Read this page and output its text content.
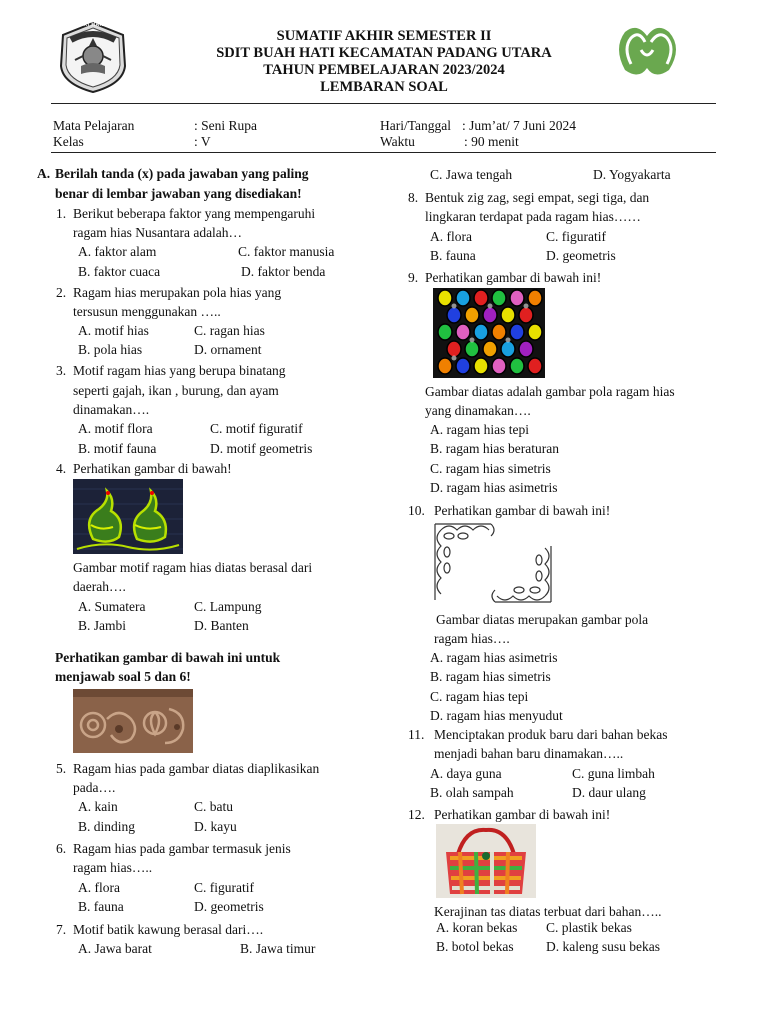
TUT WURI HANDAYANI
SUMATIF AKHIR SEMESTER II
SDIT BUAH HATI KECAMATAN PADANG UTARA
TAHUN PEMBELAJARAN 2023/2024
LEMBARAN SOAL
Mata Pelajaran	: Seni Rupa	Hari/Tanggal : Jum’at/ 7 Juni 2024
Kelas	: V	Waktu	: 90 menit
A. Berilah tanda (x) pada jawaban yang paling
benar di lembar jawaban yang disediakan!
1. Berikut beberapa faktor yang mempengaruhi
ragam hias Nusantara adalah…
A. faktor alam	C. faktor manusia
B. faktor cuaca	D. faktor benda
2. Ragam hias merupakan pola hias yang
tersusun menggunakan …..
A. motif hias	C. ragan hias
B. pola hias	D. ornament
3. Motif ragam hias yang berupa binatang
seperti gajah, ikan , burung, dan ayam
dinamakan….
A. motif flora	C. motif figuratif
B. motif fauna	D. motif geometris
4. Perhatikan gambar di bawah!
Gambar motif ragam hias diatas berasal dari
daerah….
A. Sumatera	C. Lampung
B. Jambi	D. Banten
Perhatikan gambar di bawah ini untuk
menjawab soal 5 dan 6!
5. Ragam hias pada gambar diatas diaplikasikan
pada….
A. kain	C. batu
B. dinding	D. kayu
6. Ragam hias pada gambar termasuk jenis
ragam hias…..
A. flora	C. figuratif
B. fauna	D. geometris
7. Motif batik kawung berasal dari….
A. Jawa barat	B. Jawa timur
C. Jawa tengah	D. Yogyakarta
8. Bentuk zig zag, segi empat, segi tiga, dan
lingkaran terdapat pada ragam hias……
A. flora	C. figuratif
B. fauna	D. geometris
9. Perhatikan gambar di bawah ini!
Gambar diatas adalah gambar pola ragam hias
yang dinamakan….
A. ragam hias tepi
B. ragam hias beraturan
C. ragam hias simetris
D. ragam hias asimetris
10. Perhatikan gambar di bawah ini!
Gambar diatas merupakan gambar pola
ragam hias….
A. ragam hias asimetris
B. ragam hias simetris
C. ragam hias tepi
D. ragam hias menyudut
11. Menciptakan produk baru dari bahan bekas
menjadi bahan baru dinamakan…..
A. daya guna	C. guna limbah
B. olah sampah	D. daur ulang
12. Perhatikan gambar di bawah ini!
Kerajinan tas diatas terbuat dari bahan…..
A. koran bekas C. plastik bekas
B. botol bekas D. kaleng susu bekas
